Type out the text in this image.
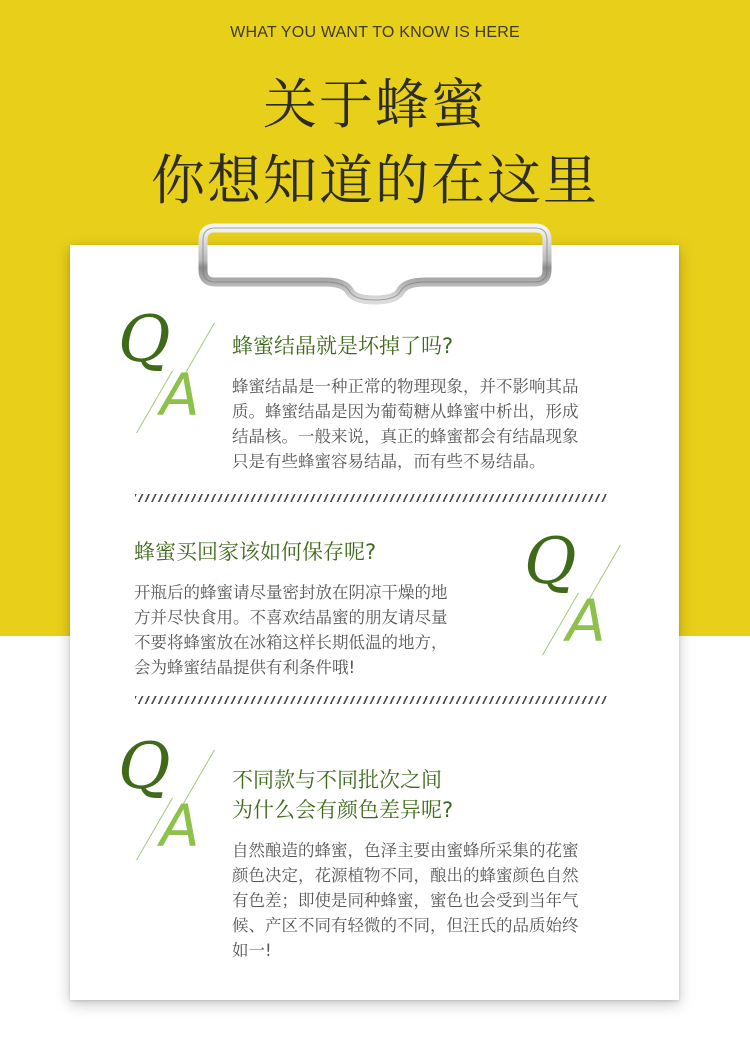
WHAT YOU WANT TO KNOW IS HERE
关于蜂蜜
你想知道的在这里
Q
A
蜂蜜结晶就是坏掉了吗?
蜂蜜结晶是一种正常的物理现象，并不影响其品
质。蜂蜜结晶是因为葡萄糖从蜂蜜中析出，形成
结晶核。一般来说，真正的蜂蜜都会有结晶现象
只是有些蜂蜜容易结晶，而有些不易结晶。
蜂蜜买回家该如何保存呢?
开瓶后的蜂蜜请尽量密封放在阴凉干燥的地
方并尽快食用。不喜欢结晶蜜的朋友请尽量
不要将蜂蜜放在冰箱这样长期低温的地方，
会为蜂蜜结晶提供有利条件哦!
Q
A
Q
A
不同款与不同批次之间
为什么会有颜色差异呢?
自然酿造的蜂蜜，色泽主要由蜜蜂所采集的花蜜
颜色决定，花源植物不同，酿出的蜂蜜颜色自然
有色差；即使是同种蜂蜜，蜜色也会受到当年气
候、产区不同有轻微的不同，但汪氏的品质始终
如一!
